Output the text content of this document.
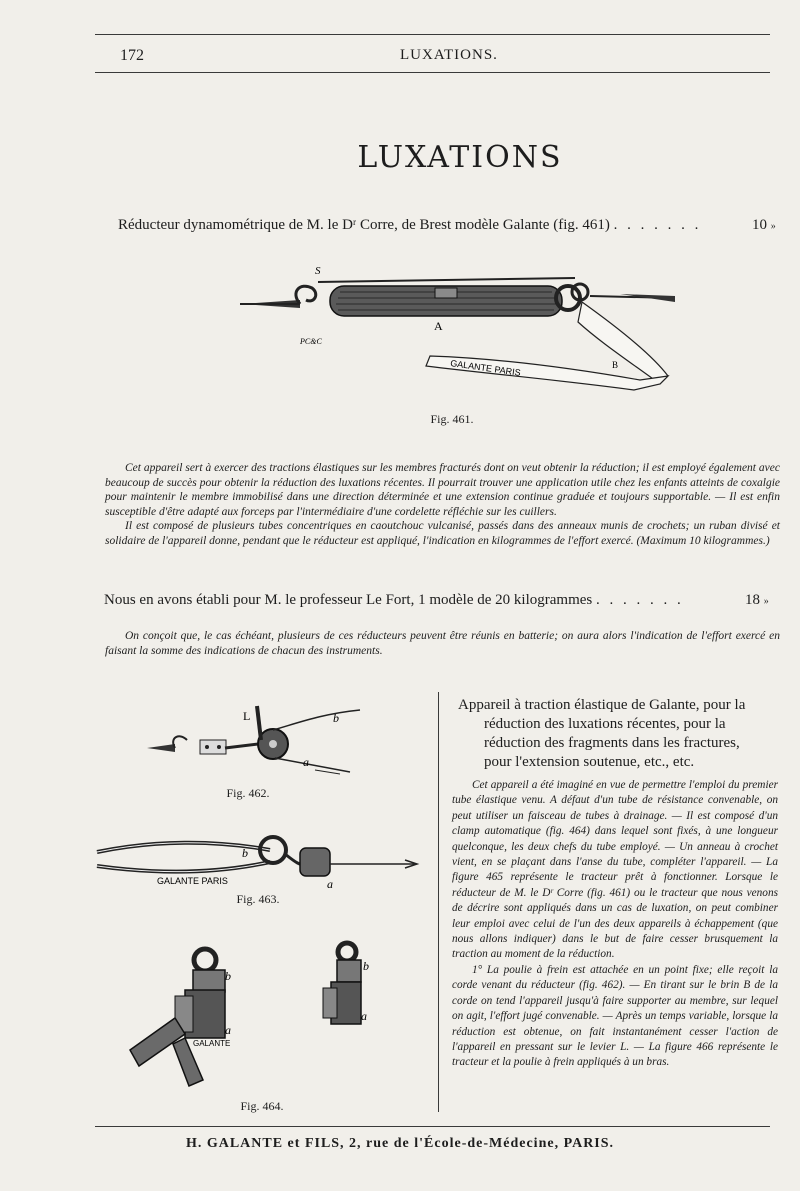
172	LUXATIONS.
LUXATIONS
Réducteur dynamométrique de M. le Dʳ Corre, de Brest modèle Galante (fig. 461) . . . . . . .	10 »
GALANTE PARIS
S
A
B
PC&C
Fig. 461.

Cet appareil sert à exercer des tractions élastiques sur les membres fracturés dont on veut obtenir la réduction; il est employé également avec beaucoup de succès pour obtenir la réduction des luxations récentes. Il pourrait trouver une application utile chez les enfants atteints de coxalgie pour maintenir le membre immobilisé dans une direction déterminée et une extension continue graduée et toujours supportable. — Il est enfin susceptible d'être adapté aux forceps par l'intermédiaire d'une cordelette réfléchie sur les cuillers.

Il est composé de plusieurs tubes concentriques en caoutchouc vulcanisé, passés dans des anneaux munis de crochets; un ruban divisé et solidaire de l'appareil donne, pendant que le réducteur est appliqué, l'indication en kilogrammes de l'effort exercé. (Maximum 10 kilogrammes.)

Nous en avons établi pour M. le professeur Le Fort, 1 modèle de 20 kilogrammes . . . . . . .	18 »

On conçoit que, le cas échéant, plusieurs de ces réducteurs peuvent être réunis en batterie; on aura alors l'indication de l'effort exercé en faisant la somme des indications de chacun des instruments.

L	b
a
Fig. 462.
GALANTE PARIS
b
a
Fig. 463.
GALANTE
b
a
b
a
Fig. 464.
Appareil à traction élastique de Galante, pour la
réduction des luxations récentes, pour la
réduction des fragments dans les fractures,
pour l'extension soutenue, etc., etc.

Cet appareil a été imaginé en vue de permettre l'emploi du premier tube élastique venu. A défaut d'un tube de résistance convenable, on peut utiliser un faisceau de tubes à drainage. — Il est composé d'un clamp automatique (fig. 464) dans lequel sont fixés, à une longueur quelconque, les deux chefs du tube employé. — Un anneau à crochet vient, en se plaçant dans l'anse du tube, compléter l'appareil. — La figure 465 représente le tracteur prêt à fonctionner. Lorsque le réducteur de M. le Dʳ Corre (fig. 461) ou le tracteur que nous venons de décrire sont appliqués dans un cas de luxation, on peut combiner leur emploi avec celui de l'un des deux appareils à échappement (que nous allons indiquer) dans le but de faire cesser brusquement la traction au moment de la réduction.

1° La poulie à frein est attachée en un point fixe; elle reçoit la corde venant du réducteur (fig. 462). — En tirant sur le brin B de la corde on tend l'appareil jusqu'à faire supporter au membre, sur lequel on agit, l'effort jugé convenable. — Après un temps variable, lorsque la réduction est obtenue, on fait instantanément cesser l'action de l'appareil en pressant sur le levier L. — La figure 466 représente le tracteur et la poulie à frein appliqués à un bras.

H. GALANTE et FILS, 2, rue de l'École-de-Médecine, PARIS.
